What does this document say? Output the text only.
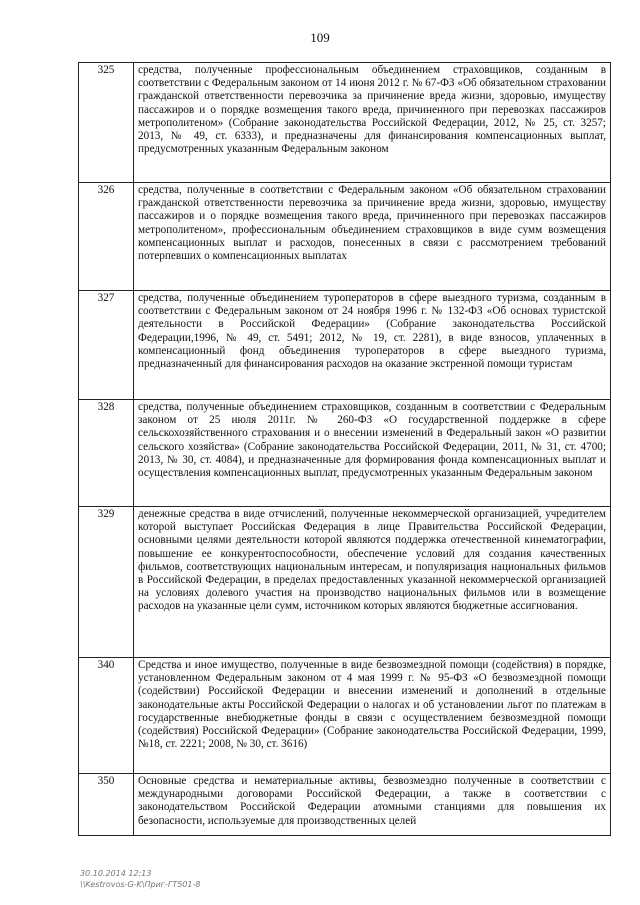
109
325	средства, полученные профессиональным объединением страховщиков, созданным в соответствии с Федеральным законом от 14 июня 2012 г. № 67-ФЗ «Об обязательном страховании гражданской ответственности перевозчика за причинение вреда жизни, здоровью, имуществу пассажиров и о порядке возмещения такого вреда, причиненного при перевозках пассажиров метрополитеном» (Собрание законодательства Российской Федерации, 2012, № 25, ст. 3257; 2013, № 49, ст. 6333), и предназначены для финансирования компенсационных выплат, предусмотренных указанным Федеральным законом
326	средства, полученные в соответствии с Федеральным законом «Об обязательном страховании гражданской ответственности перевозчика за причинение вреда жизни, здоровью, имуществу пассажиров и о порядке возмещения такого вреда, причиненного при перевозках пассажиров метрополитеном», профессиональным объединением страховщиков в виде сумм возмещения компенсационных выплат и расходов, понесенных в связи с рассмотрением требований потерпевших о компенсационных выплатах
327	средства, полученные объединением туроператоров в сфере выездного туризма, созданным в соответствии с Федеральным законом от 24 ноября 1996 г. № 132-ФЗ «Об основах туристской деятельности в Российской Федерации» (Собрание законодательства Российской Федерации,1996, № 49, ст. 5491; 2012, № 19, ст. 2281), в виде взносов, уплаченных в компенсационный фонд объединения туроператоров в сфере выездного туризма, предназначенный для финансирования расходов на оказание экстренной помощи туристам
328	средства, полученные объединением страховщиков, созданным в соответствии с Федеральным законом от 25 июля 2011г. № 260-ФЗ «О государственной поддержке в сфере сельскохозяйственного страхования и о внесении изменений в Федеральный закон «О развитии сельского хозяйства» (Собрание законодательства Российской Федерации, 2011, № 31, ст. 4700; 2013, № 30, ст. 4084), и предназначенные для формирования фонда компенсационных выплат и осуществления компенсационных выплат, предусмотренных указанным Федеральным законом
329	денежные средства в виде отчислений, полученные некоммерческой организацией, учредителем которой выступает Российская Федерация в лице Правительства Российской Федерации, основными целями деятельности которой являются поддержка отечественной кинематографии, повышение ее конкурентоспособности, обеспечение условий для создания качественных фильмов, соответствующих национальным интересам, и популяризация национальных фильмов в Российской Федерации, в пределах предоставленных указанной некоммерческой организацией на условиях долевого участия на производство национальных фильмов или в возмещение расходов на указанные цели сумм, источником которых являются бюджетные ассигнования.
340	Средства и иное имущество, полученные в виде безвозмездной помощи (содействия) в порядке, установленном Федеральным законом от 4 мая 1999 г. № 95-ФЗ «О безвозмездной помощи (содействии) Российской Федерации и внесении изменений и дополнений в отдельные законодательные акты Российской Федерации о налогах и об установлении льгот по платежам в государственные внебюджетные фонды в связи с осуществлением безвозмездной помощи (содействия) Российской Федерации» (Собрание законодательства Российской Федерации, 1999, №18, ст. 2221; 2008, № 30, ст. 3616)
350	Основные средства и нематериальные активы, безвозмездно полученные в соответствии с международными договорами Российской Федерации, а также в соответствии с законодательством Российской Федерации атомными станциями для повышения их безопасности, используемые для производственных целей
30.10.2014 12:13
\\Kestrovos-G-K\Приг-ГТ501-8
